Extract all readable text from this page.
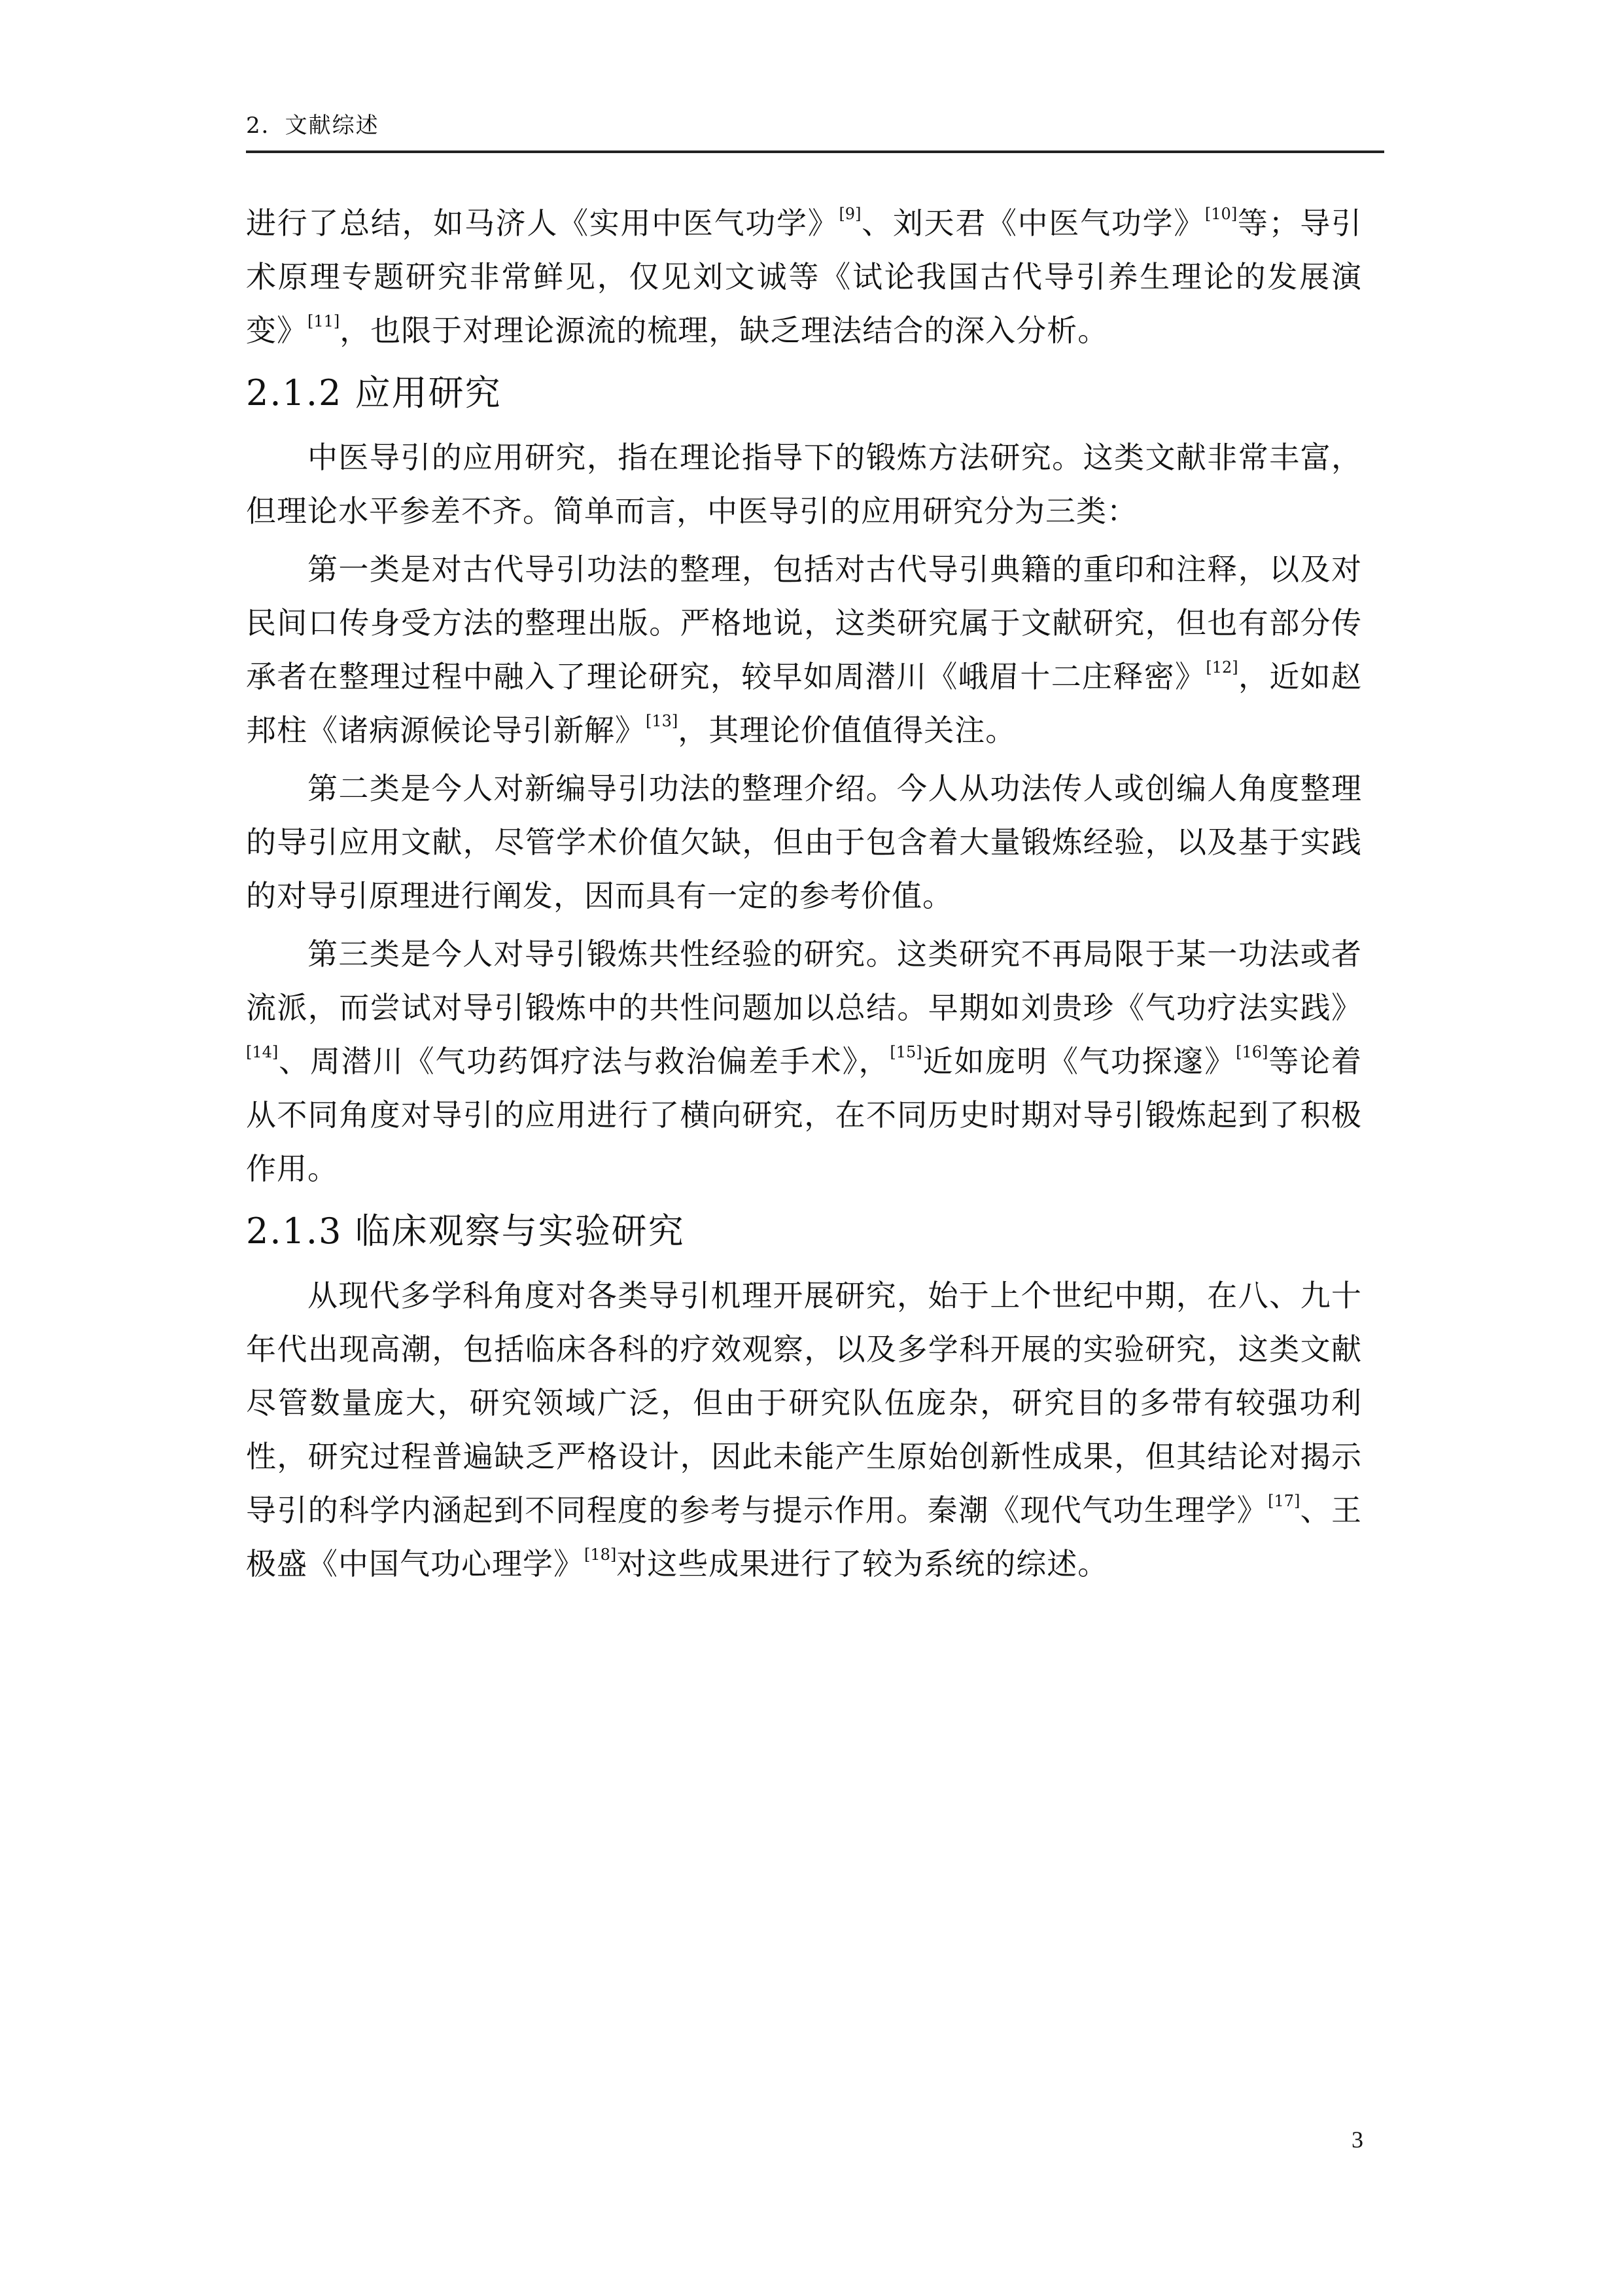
2．文献综述

进行了总结，如马济人《实用中医气功学》[9]、刘天君《中医气功学》[10]等；导引术原理专题研究非常鲜见，仅见刘文诚等《试论我国古代导引养生理论的发展演变》[11]，也限于对理论源流的梳理，缺乏理法结合的深入分析。

2.1.2 应用研究

中医导引的应用研究，指在理论指导下的锻炼方法研究。这类文献非常丰富，但理论水平参差不齐。简单而言，中医导引的应用研究分为三类：

第一类是对古代导引功法的整理，包括对古代导引典籍的重印和注释，以及对民间口传身受方法的整理出版。严格地说，这类研究属于文献研究，但也有部分传承者在整理过程中融入了理论研究，较早如周潜川《峨眉十二庄释密》[12]，近如赵邦柱《诸病源候论导引新解》[13]，其理论价值值得关注。

第二类是今人对新编导引功法的整理介绍。今人从功法传人或创编人角度整理的导引应用文献，尽管学术价值欠缺，但由于包含着大量锻炼经验，以及基于实践的对导引原理进行阐发，因而具有一定的参考价值。

第三类是今人对导引锻炼共性经验的研究。这类研究不再局限于某一功法或者流派，而尝试对导引锻炼中的共性问题加以总结。早期如刘贵珍《气功疗法实践》[14]、周潜川《气功药饵疗法与救治偏差手术》，[15]近如庞明《气功探邃》[16]等论着从不同角度对导引的应用进行了横向研究，在不同历史时期对导引锻炼起到了积极作用。

2.1.3 临床观察与实验研究

从现代多学科角度对各类导引机理开展研究，始于上个世纪中期，在八、九十年代出现高潮，包括临床各科的疗效观察，以及多学科开展的实验研究，这类文献尽管数量庞大，研究领域广泛，但由于研究队伍庞杂，研究目的多带有较强功利性，研究过程普遍缺乏严格设计，因此未能产生原始创新性成果，但其结论对揭示导引的科学内涵起到不同程度的参考与提示作用。秦潮《现代气功生理学》[17]、王极盛《中国气功心理学》[18]对这些成果进行了较为系统的综述。

3
